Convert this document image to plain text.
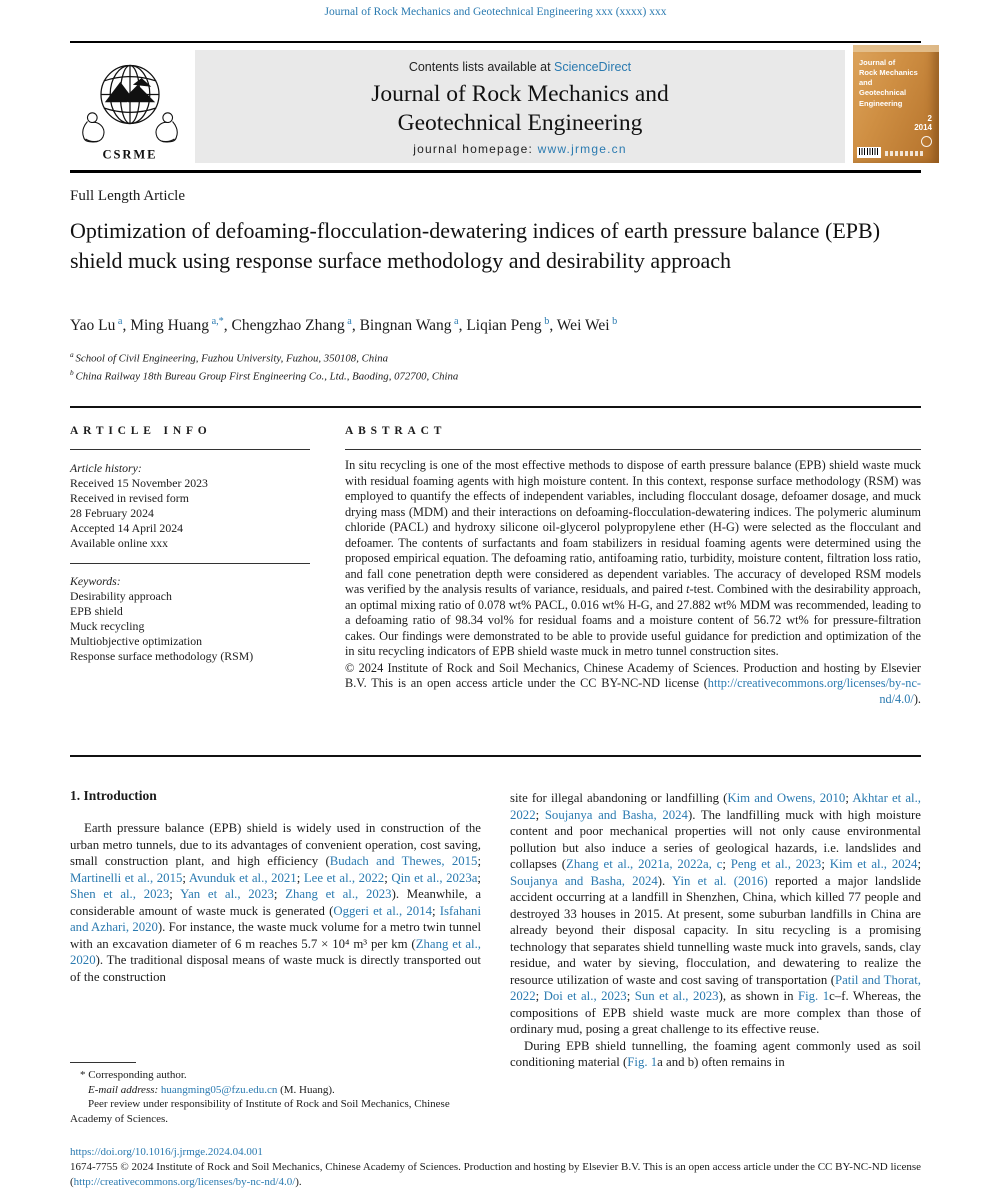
Journal of Rock Mechanics and Geotechnical Engineering xxx (xxxx) xxx
CSRME
Contents lists available at ScienceDirect
Journal of Rock Mechanics and
Geotechnical Engineering
journal homepage: www.jrmge.cn
Journal of
Rock Mechanics and
Geotechnical
Engineering
2
2014
Full Length Article
Optimization of defoaming-flocculation-dewatering indices of earth pressure balance (EPB) shield muck using response surface methodology and desirability approach
Yao Lu $^a$, Ming Huang $^{a,*}$, Chengzhao Zhang $^a$, Bingnan Wang $^a$, Liqian Peng $^b$, Wei Wei $^b$
$^a$ School of Civil Engineering, Fuzhou University, Fuzhou, 350108, China
$^b$ China Railway 18th Bureau Group First Engineering Co., Ltd., Baoding, 072700, China
ARTICLE INFO
Article history:
Received 15 November 2023
Received in revised form
28 February 2024
Accepted 14 April 2024
Available online xxx
Keywords:
Desirability approach
EPB shield
Muck recycling
Multiobjective optimization
Response surface methodology (RSM)
ABSTRACT
In situ recycling is one of the most effective methods to dispose of earth pressure balance (EPB) shield waste muck with residual foaming agents with high moisture content. In this context, response surface methodology (RSM) was employed to quantify the effects of independent variables, including flocculant dosage, defoamer dosage, and muck drying mass (MDM) and their interactions on defoaming-flocculation-dewatering indices. The polymeric aluminum chloride (PACL) and hydroxy silicone oil-glycerol polypropylene ether (H-G) were selected as the flocculant and defoamer. The contents of surfactants and foam stabilizers in residual foaming agents were determined using the proposed empirical equation. The defoaming ratio, antifoaming ratio, turbidity, moisture content, filtration loss ratio, and fall cone penetration depth were considered as dependent variables. The accuracy of developed RSM models was verified by the analysis results of variance, residuals, and paired t-test. Combined with the desirability approach, an optimal mixing ratio of 0.078 wt% PACL, 0.016 wt% H-G, and 27.882 wt% MDM was recommended, leading to a defoaming ratio of 98.34 vol% for residual foams and a moisture content of 56.72 wt% for pressure-filtration cakes. Our findings were demonstrated to be able to provide useful guidance for prediction and optimization of the in situ recycling indicators of EPB shield waste muck in metro tunnel construction sites.
© 2024 Institute of Rock and Soil Mechanics, Chinese Academy of Sciences. Production and hosting by Elsevier B.V. This is an open access article under the CC BY-NC-ND license (http://creativecommons.org/licenses/by-nc-nd/4.0/).
1. Introduction

Earth pressure balance (EPB) shield is widely used in construction of the urban metro tunnels, due to its advantages of convenient operation, cost saving, small construction plant, and high efficiency (Budach and Thewes, 2015; Martinelli et al., 2015; Avunduk et al., 2021; Lee et al., 2022; Qin et al., 2023a; Shen et al., 2023; Yan et al., 2023; Zhang et al., 2023). Meanwhile, a considerable amount of waste muck is generated (Oggeri et al., 2014; Isfahani and Azhari, 2020). For instance, the waste muck volume for a metro twin tunnel with an excavation diameter of 6 m reaches 5.7 × 10⁴ m³ per km (Zhang et al., 2020). The traditional disposal means of waste muck is directly transported out of the construction

site for illegal abandoning or landfilling (Kim and Owens, 2010; Akhtar et al., 2022; Soujanya and Basha, 2024). The landfilling muck with high moisture content and poor mechanical properties will not only cause environmental pollution but also induce a series of geological hazards, i.e. landslides and collapses (Zhang et al., 2021a, 2022a, c; Peng et al., 2023; Kim et al., 2024; Soujanya and Basha, 2024). Yin et al. (2016) reported a major landslide accident occurring at a landfill in Shenzhen, China, which killed 77 people and destroyed 33 houses in 2015. At present, some suburban landfills in China are already beyond their disposal capacity. In situ recycling is a promising technology that separates shield tunnelling waste muck into gravels, sands, clay residue, and water by sieving, flocculation, and dewatering to realize the resource utilization of waste and cost saving of transportation (Patil and Thorat, 2022; Doi et al., 2023; Sun et al., 2023), as shown in Fig. 1c–f. Whereas, the compositions of EPB shield waste muck are more complex than those of ordinary mud, posing a great challenge to its effective reuse.

During EPB shield tunnelling, the foaming agent commonly used as soil conditioning material (Fig. 1a and b) often remains in

* Corresponding author.
E-mail address: huangming05@fzu.edu.cn (M. Huang).
Peer review under responsibility of Institute of Rock and Soil Mechanics, Chinese Academy of Sciences.
https://doi.org/10.1016/j.jrmge.2024.04.001
1674-7755 © 2024 Institute of Rock and Soil Mechanics, Chinese Academy of Sciences. Production and hosting by Elsevier B.V. This is an open access article under the CC BY-NC-ND license (http://creativecommons.org/licenses/by-nc-nd/4.0/).
